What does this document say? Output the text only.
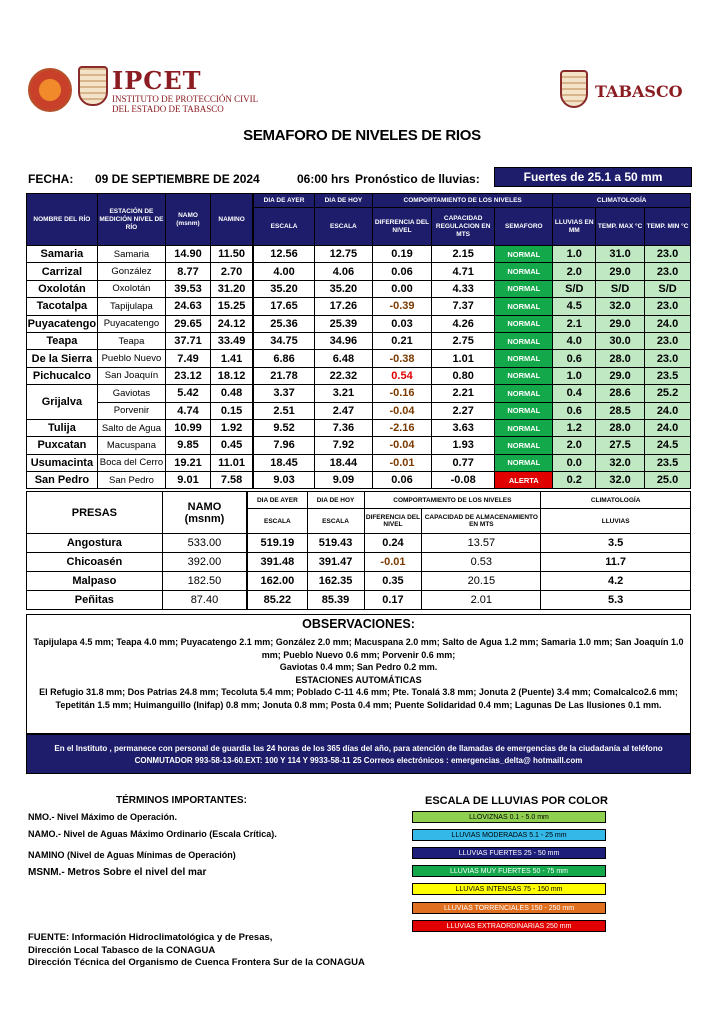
IPCET
INSTITUTO DE PROTECCIÓN CIVIL
DEL ESTADO DE TABASCO
TABASCO
SEMAFORO DE NIVELES DE RIOS
FECHA: 09 DE SEPTIEMBRE DE 2024	06:00 hrs Pronóstico de lluvias:	Fuertes de 25.1 a 50 mm
NOMBRE DEL RÍO	ESTACIÓN DE MEDICIÓN NIVEL DE RÍO	NAMO (msnm)	NAMINO	DIA DE AYER	DIA DE HOY	COMPORTAMIENTO DE LOS NIVELES			CLIMATOLOGÍA		
				ESCALA	ESCALA	DIFERENCIA DEL NIVEL	CAPACIDAD REGULACION EN MTS	SEMAFORO	LLUVIAS EN MM	TEMP. MAX °C	TEMP. MIN °C
Samaria	Samaria	14.90	11.50	12.56	12.75	0.19	2.15	NORMAL	1.0	31.0	23.0
Carrizal	González	8.77	2.70	4.00	4.06	0.06	4.71	NORMAL	2.0	29.0	23.0
Oxolotán	Oxolotán	39.53	31.20	35.20	35.20	0.00	4.33	NORMAL	S/D	S/D	S/D
Tacotalpa	Tapijulapa	24.63	15.25	17.65	17.26	-0.39	7.37	NORMAL	4.5	32.0	23.0
Puyacatengo	Puyacatengo	29.65	24.12	25.36	25.39	0.03	4.26	NORMAL	2.1	29.0	24.0
Teapa	Teapa	37.71	33.49	34.75	34.96	0.21	2.75	NORMAL	4.0	30.0	23.0
De la Sierra	Pueblo Nuevo	7.49	1.41	6.86	6.48	-0.38	1.01	NORMAL	0.6	28.0	23.0
Pichucalco	San Joaquín	23.12	18.12	21.78	22.32	0.54	0.80	NORMAL	1.0	29.0	23.5
Grijalva	Gaviotas	5.42	0.48	3.37	3.21	-0.16	2.21	NORMAL	0.4	28.6	25.2
	Porvenir	4.74	0.15	2.51	2.47	-0.04	2.27	NORMAL	0.6	28.5	24.0
Tulija	Salto de Agua	10.99	1.92	9.52	7.36	-2.16	3.63	NORMAL	1.2	28.0	24.0
Puxcatan	Macuspana	9.85	0.45	7.96	7.92	-0.04	1.93	NORMAL	2.0	27.5	24.5
Usumacinta	Boca del Cerro	19.21	11.01	18.45	18.44	-0.01	0.77	NORMAL	0.0	32.0	23.5
San Pedro	San Pedro	9.01	7.58	9.03	9.09	0.06	-0.08	ALERTA	0.2	32.0	25.0
PRESAS	NAMO (msnm)	DIA DE AYER	DIA DE HOY	COMPORTAMIENTO DE LOS NIVELES		CLIMATOLOGÍA
		ESCALA	ESCALA	DIFERENCIA DEL NIVEL	CAPACIDAD DE ALMACENAMIENTO EN MTS	LLUVIAS
Angostura	533.00	519.19	519.43	0.24	13.57	3.5
Chicoasén	392.00	391.48	391.47	-0.01	0.53	11.7
Malpaso	182.50	162.00	162.35	0.35	20.15	4.2
Peñitas	87.40	85.22	85.39	0.17	2.01	5.3
OBSERVACIONES:
Tapijulapa 4.5 mm; Teapa 4.0 mm; Puyacatengo 2.1 mm; González 2.0 mm; Macuspana 2.0 mm; Salto de Agua 1.2 mm; Samaria 1.0 mm; San Joaquín 1.0 mm; Pueblo Nuevo 0.6 mm; Porvenir 0.6 mm;
Gaviotas 0.4 mm; San Pedro 0.2 mm.
ESTACIONES AUTOMÁTICAS
El Refugio 31.8 mm; Dos Patrias 24.8 mm; Tecoluta 5.4 mm; Poblado C-11 4.6 mm; Pte. Tonalá 3.8 mm; Jonuta 2 (Puente) 3.4 mm; Comalcalco2.6 mm; Tepetitán 1.5 mm; Huimanguillo (Inifap) 0.8 mm; Jonuta 0.8 mm; Posta 0.4 mm; Puente Solidaridad 0.4 mm; Lagunas De Las Ilusiones 0.1 mm.
En el Instituto , permanece con personal de guardia las 24 horas de los 365 días del año, para atención de llamadas de emergencias de la ciudadanía al teléfono
CONMUTADOR 993-58-13-60.EXT: 100 Y 114 Y 9933-58-11 25 Correos electrónicos : emergencias_delta@ hotmaill.com
TÉRMINOS IMPORTANTES:
NMO.- Nivel Máximo de Operación.
NAMO.- Nivel de Aguas Máximo Ordinario (Escala Crítica).
NAMINO (Nivel de Aguas Mínimas de Operación)
MSNM.- Metros Sobre el nivel del mar
ESCALA DE LLUVIAS POR COLOR
LLOVIZNAS 0.1 - 5.0 mm
LLUVIAS MODERADAS 5.1 - 25 mm
LLUVIAS FUERTES 25 - 50 mm
LLUVIAS MUY FUERTES 50 - 75 mm
LLUVIAS INTENSAS 75 - 150 mm
LLUVIAS TORRENCIALES 150 - 250 mm
LLUVIAS EXTRAORDINARIAS 250 mm
FUENTE: Información Hidroclimatológica y de Presas,
Dirección Local Tabasco de la CONAGUA
Dirección Técnica del Organismo de Cuenca Frontera Sur de la CONAGUA
